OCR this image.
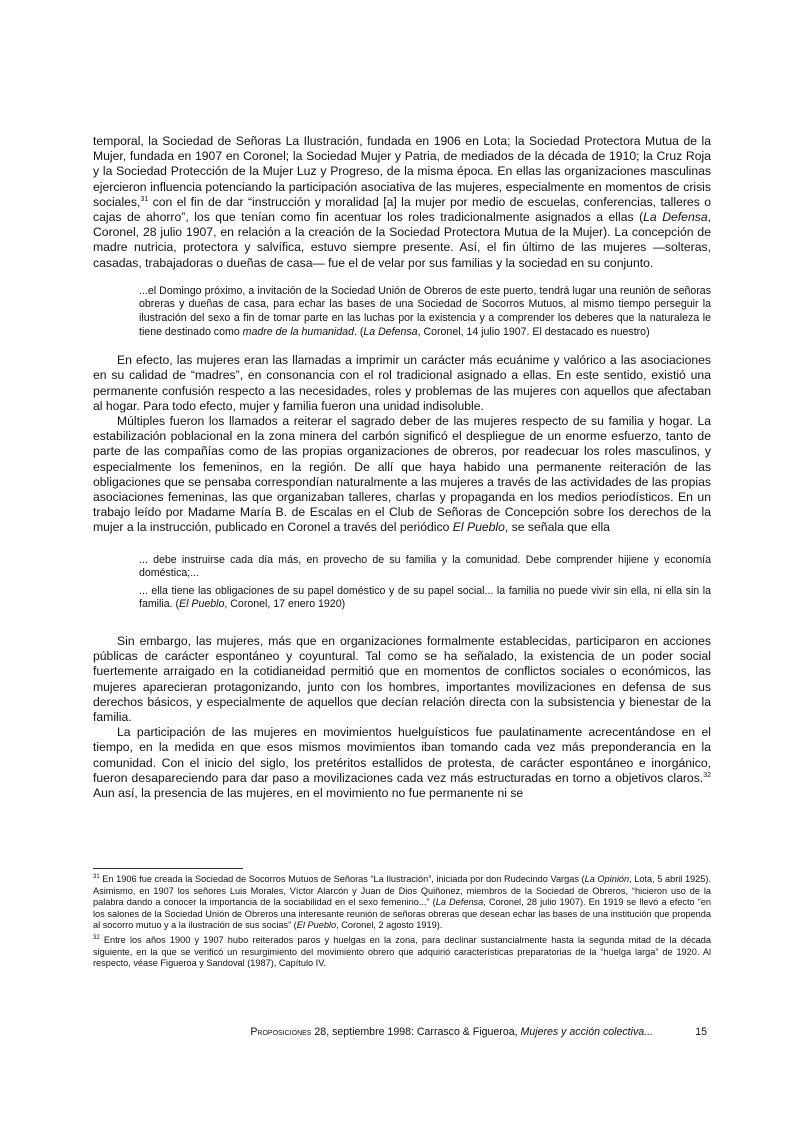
temporal, la Sociedad de Señoras La Ilustración, fundada en 1906 en Lota; la Sociedad Protectora Mutua de la Mujer, fundada en 1907 en Coronel; la Sociedad Mujer y Patria, de mediados de la década de 1910; la Cruz Roja y la Sociedad Protección de la Mujer Luz y Progreso, de la misma época. En ellas las organizaciones masculinas ejercieron influencia potenciando la participación asociativa de las mujeres, especialmente en momentos de crisis sociales,$^{31}$ con el fin de dar “instrucción y moralidad [a] la mujer por medio de escuelas, conferencias, talleres o cajas de ahorro”, los que tenían como fin acentuar los roles tradicionalmente asignados a ellas (La Defensa, Coronel, 28 julio 1907, en relación a la creación de la Sociedad Protectora Mutua de la Mujer). La concepción de madre nutricia, protectora y salvífica, estuvo siempre presente. Así, el fin último de las mujeres —solteras, casadas, trabajadoras o dueñas de casa— fue el de velar por sus familias y la sociedad en su conjunto.

...el Domingo próximo, a invitación de la Sociedad Unión de Obreros de este puerto, tendrá lugar una reunión de señoras obreras y dueñas de casa, para echar las bases de una Sociedad de Socorros Mutuos, al mismo tiempo perseguir la ilustración del sexo a fin de tomar parte en las luchas por la existencia y a comprender los deberes que la naturaleza le tiene destinado como madre de la humanidad. (La Defensa, Coronel, 14 julio 1907. El destacado es nuestro)

En efecto, las mujeres eran las llamadas a imprimir un carácter más ecuánime y valórico a las asociaciones en su calidad de “madres”, en consonancia con el rol tradicional asignado a ellas. En este sentido, existió una permanente confusión respecto a las necesidades, roles y problemas de las mujeres con aquellos que afectaban al hogar. Para todo efecto, mujer y familia fueron una unidad indisoluble.

Múltiples fueron los llamados a reiterar el sagrado deber de las mujeres respecto de su familia y hogar. La estabilización poblacional en la zona minera del carbón significó el despliegue de un enorme esfuerzo, tanto de parte de las compañías como de las propias organizaciones de obreros, por readecuar los roles masculinos, y especialmente los femeninos, en la región. De allí que haya habido una permanente reiteración de las obligaciones que se pensaba correspondían naturalmente a las mujeres a través de las actividades de las propias asociaciones femeninas, las que organizaban talleres, charlas y propaganda en los medios periodísticos. En un trabajo leído por Madame María B. de Escalas en el Club de Señoras de Concepción sobre los derechos de la mujer a la instrucción, publicado en Coronel a través del periódico El Pueblo, se señala que ella

... debe instruirse cada día más, en provecho de su familia y la comunidad. Debe comprender hijiene y economía doméstica;...

... ella tiene las obligaciones de su papel doméstico y de su papel social... la familia no puede vivir sin ella, ni ella sin la familia. (El Pueblo, Coronel, 17 enero 1920)

Sin embargo, las mujeres, más que en organizaciones formalmente establecidas, participaron en acciones públicas de carácter espontáneo y coyuntural. Tal como se ha señalado, la existencia de un poder social fuertemente arraigado en la cotidianeidad permitió que en momentos de conflictos sociales o económicos, las mujeres aparecieran protagonizando, junto con los hombres, importantes movilizaciones en defensa de sus derechos básicos, y especialmente de aquellos que decían relación directa con la subsistencia y bienestar de la familia.

La participación de las mujeres en movimientos huelguísticos fue paulatinamente acrecentándose en el tiempo, en la medida en que esos mismos movimientos iban tomando cada vez más preponderancia en la comunidad. Con el inicio del siglo, los pretéritos estallidos de protesta, de carácter espontáneo e inorgánico, fueron desapareciendo para dar paso a movilizaciones cada vez más estructuradas en torno a objetivos claros.$^{32}$ Aun así, la presencia de las mujeres, en el movimiento no fue permanente ni se

$^{31}$ En 1906 fue creada la Sociedad de Socorros Mutuos de Señoras “La Ilustración”, iniciada por don Rudecindo Vargas (La Opinión, Lota, 5 abril 1925). Asimismo, en 1907 los señores Luis Morales, Víctor Alarcón y Juan de Dios Quiñonez, miembros de la Sociedad de Obreros, “hicieron uso de la palabra dando a conocer la importancia de la sociabilidad en el sexo femenino...” (La Defensa, Coronel, 28 julio 1907). En 1919 se llevó a efecto “en los salones de la Sociedad Unión de Obreros una interesante reunión de señoras obreras que desean echar las bases de una institución que propenda al socorro mutuo y a la ilustración de sus socias” (El Pueblo, Coronel, 2 agosto 1919).

$^{32}$ Entre los años 1900 y 1907 hubo reiterados paros y huelgas en la zona, para declinar sustancialmente hasta la segunda mitad de la década siguiente, en la que se verificó un resurgimiento del movimiento obrero que adquirió características preparatorias de la “huelga larga” de 1920. Al respecto, véase Figueroa y Sandoval (1987), Capítulo IV.

Proposiciones 28, septiembre 1998: Carrasco & Figueroa, Mujeres y acción colectiva...	15
